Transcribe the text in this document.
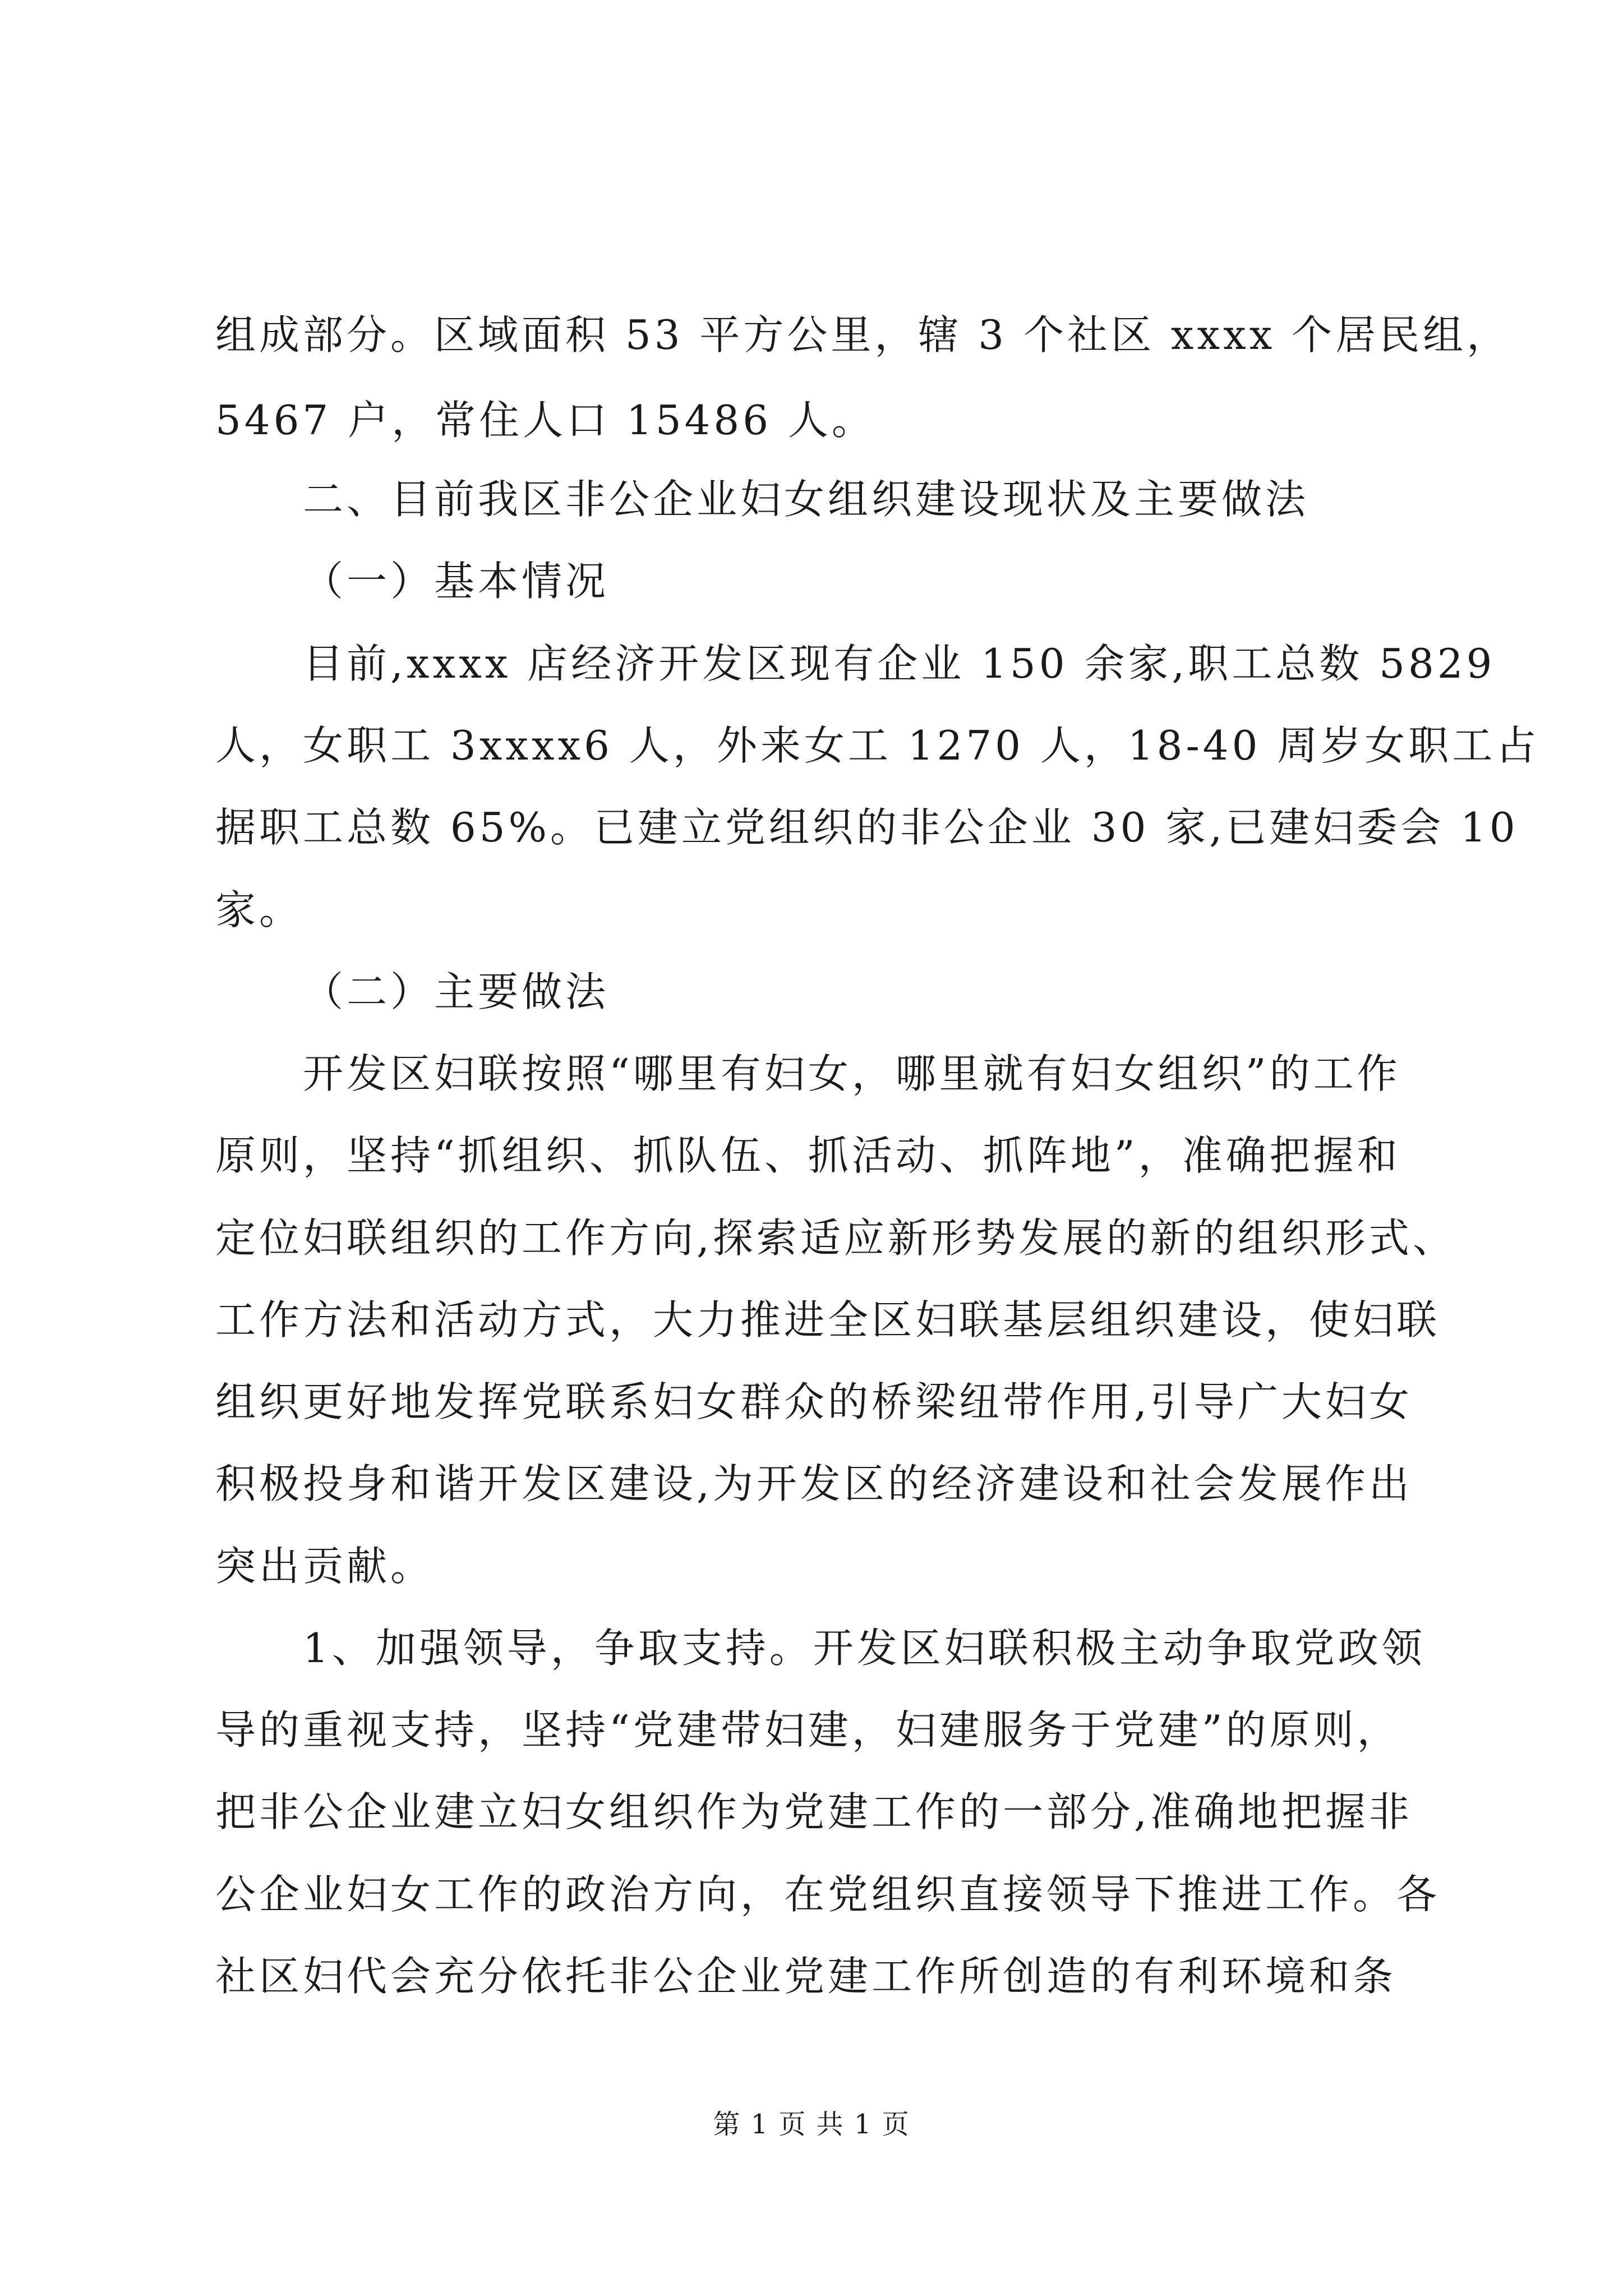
组成部分。区域面积 53 平方公里，辖 3 个社区 xxxx 个居民组，
5467 户，常住人口 15486 人。
二、目前我区非公企业妇女组织建设现状及主要做法
（一）基本情况
目前,xxxx 店经济开发区现有企业 150 余家,职工总数 5829
人，女职工 3xxxx6 人，外来女工 1270 人，18-40 周岁女职工占
据职工总数 65%。已建立党组织的非公企业 30 家,已建妇委会 10
家。
（二）主要做法
开发区妇联按照“哪里有妇女，哪里就有妇女组织”的工作
原则，坚持“抓组织、抓队伍、抓活动、抓阵地”，准确把握和
定位妇联组织的工作方向,探索适应新形势发展的新的组织形式、
工作方法和活动方式，大力推进全区妇联基层组织建设，使妇联
组织更好地发挥党联系妇女群众的桥梁纽带作用,引导广大妇女
积极投身和谐开发区建设,为开发区的经济建设和社会发展作出
突出贡献。
1、加强领导，争取支持。开发区妇联积极主动争取党政领
导的重视支持，坚持“党建带妇建，妇建服务于党建”的原则，
把非公企业建立妇女组织作为党建工作的一部分,准确地把握非
公企业妇女工作的政治方向，在党组织直接领导下推进工作。各
社区妇代会充分依托非公企业党建工作所创造的有利环境和条
第 1 页 共 1 页
